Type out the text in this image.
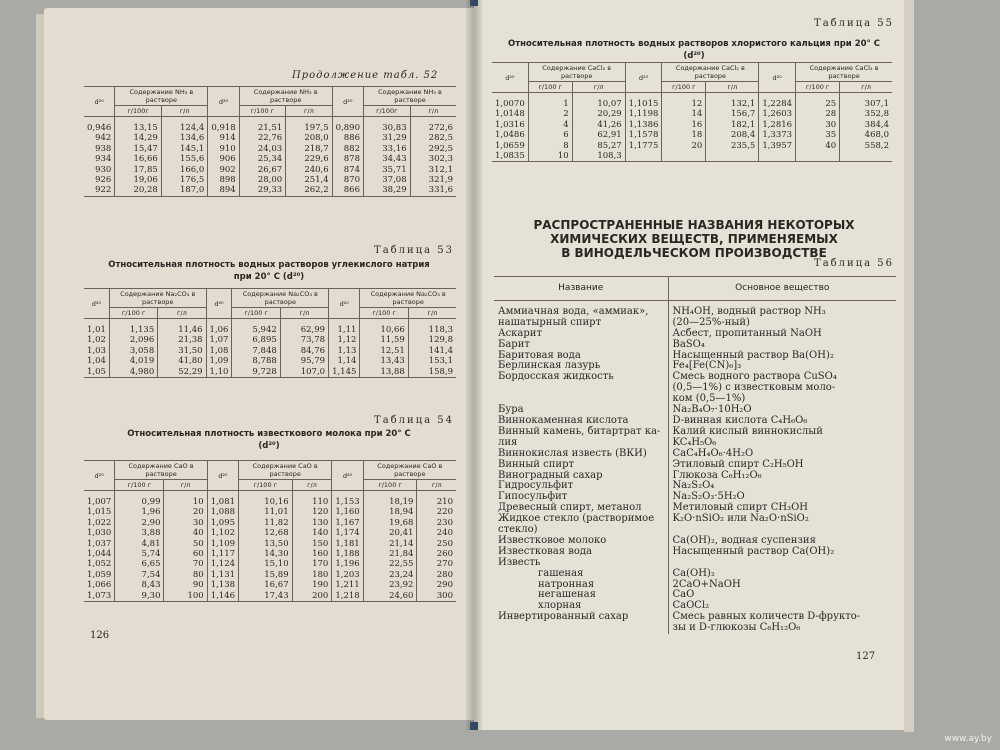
Продолжение табл. 52
d²⁰	Содержание NH₃ в растворе		d²⁰	Содержание NH₃ в растворе		d²⁰	Содержание NH₃ в растворе	
	г/100г	г/л		г/100 г	г/л		г/100г	г/л
0,946	13,15	124,4	0,918	21,51	197,5	0,890	30,83	272,6
942	14,29	134,6	914	22,76	208,0	886	31,29	282,5
938	15,47	145,1	910	24,03	218,7	882	33,16	292,5
934	16,66	155,6	906	25,34	229,6	878	34,43	302,3
930	17,85	166,0	902	26,67	240,6	874	35,71	312,1
926	19,06	176,5	898	28,00	251,4	870	37,08	321,9
922	20,28	187,0	894	29,33	262,2	866	38,29	331,6
Таблица 53
Относительная плотность водных растворов углекислого натрия при 20° С (d²⁰)
d²⁰	Содержание Na₂CO₃ в растворе		d²⁰	Содержание Na₂CO₃ в растворе		d²⁰	Содержание Na₂CO₃ в растворе	
	г/100 г	г/л		г/100 г	г/л		г/100 г	г/л
1,01	1,135	11,46	1,06	5,942	62,99	1,11	10,66	118,3
1,02	2,096	21,38	1,07	6,895	73,78	1,12	11,59	129,8
1,03	3,058	31,50	1,08	7,848	84,76	1,13	12,51	141,4
1,04	4,019	41,80	1,09	8,788	95,79	1,14	13,43	153,1
1,05	4,980	52,29	1,10	9,728	107,0	1,145	13,88	158,9
Таблица 54
Относительная плотность известкового молока при 20° С (d²⁰)
d²⁰	Содержание CaO в растворе		d²⁰	Содержание CaO в растворе		d²⁰	Содержание CaO в растворе	
	г/100 г	г/л		г/100 г	г/л		г/100 г	г/л
1,007	0,99	10	1,081	10,16	110	1,153	18,19	210
1,015	1,96	20	1,088	11,01	120	1,160	18,94	220
1,022	2,90	30	1,095	11,82	130	1,167	19,68	230
1,030	3,88	40	1,102	12,68	140	1,174	20,41	240
1,037	4,81	50	1,109	13,50	150	1,181	21,14	250
1,044	5,74	60	1,117	14,30	160	1,188	21,84	260
1,052	6,65	70	1,124	15,10	170	1,196	22,55	270
1,059	7,54	80	1,131	15,89	180	1,203	23,24	280
1,066	8,43	90	1,138	16,67	190	1,211	23,92	290
1,073	9,30	100	1,146	17,43	200	1,218	24,60	300
126
Таблица 55
Относительная плотность водных растворов хлористого кальция при 20° С (d²⁰)
d²⁰	Содержание CaCl₂ в растворе		d²⁰	Содержание CaCl₂ в растворе		d²⁰	Содержание CaCl₂ в растворе	
	г/100 г	г/л		г/100 г	г/л		г/100 г	г/л
1,0070	1	10,07	1,1015	12	132,1	1,2284	25	307,1
1,0148	2	20,29	1,1198	14	156,7	1,2603	28	352,8
1,0316	4	41,26	1,1386	16	182,1	1,2816	30	384,4
1,0486	6	62,91	1,1578	18	208,4	1,3373	35	468,0
1,0659	8	85,27	1,1775	20	235,5	1,3957	40	558,2
1,0835	10	108,3						
РАСПРОСТРАНЕННЫЕ НАЗВАНИЯ НЕКОТОРЫХ
ХИМИЧЕСКИХ ВЕЩЕСТВ, ПРИМЕНЯЕМЫХ
В ВИНОДЕЛЬЧЕСКОМ ПРОИЗВОДСТВЕ
Таблица 56
Название	Основное вещество
Аммиачная вода, «аммиак»,	NH₄OH, водный раствор NH₃
нашатырный спирт	(20—25%-ный)
Аскарит	Асбест, пропитанный NaOH
Барит	BaSO₄
Баритовая вода	Насыщенный раствор Ba(OH)₂
Берлинская лазурь	Fe₄[Fe(CN)₆]₃
Бордосская жидкость	Смесь водного раствора CuSO₄
	(0,5—1%) с известковым моло-
	ком (0,5—1%)
Бура	Na₂B₄O₇·10H₂O
Виннокаменная кислота	D-винная кислота C₄H₆O₆
Винный камень, битартрат ка-	Калий кислый виннокислый
лия	KC₄H₅O₆
Виннокислая известь (ВКИ)	CaC₄H₄O₆·4H₂O
Винный спирт	Этиловый спирт C₂H₅OH
Виноградный сахар	Глюкоза C₆H₁₂O₆
Гидросульфит	Na₂S₂O₄
Гипосульфит	Na₂S₂O₃·5H₂O
Древесный спирт, метанол	Метиловый спирт CH₃OH
Жидкое стекло (растворимое	K₂O·nSiO₂ или Na₂O·nSiO₂
стекло)	
Известковое молоко	Ca(OH)₂, водная суспензия
Известковая вода	Насыщенный раствор Ca(OH)₂
Известь	
гашеная	Ca(OH)₂
натронная	2CaO+NaOH
негашеная	CaO
хлорная	CaOCl₂
Инвертированный сахар	Смесь равных количеств D-фрукто-
	зы и D-глюкозы C₆H₁₂O₆
127
www.ay.by
